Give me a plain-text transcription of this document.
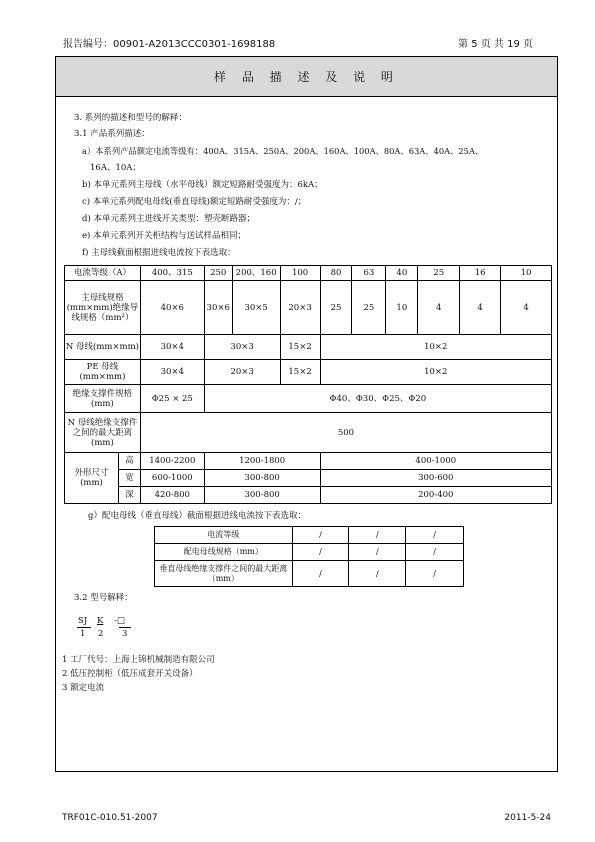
报告编号：00901-A2013CCC0301-1698188	第 5 页 共 19 页
样 品 描 述 及 说 明
3. 系列的描述和型号的解释：
3.1 产品系列描述：
a）本系列产品额定电流等级有：400A、315A、250A、200A、160A、100A、80A、63A、40A、25A、
16A、10A；
b) 本单元系列主母线（水平母线）额定短路耐受强度为：6kA；
c) 本单元系列配电母线(垂直母线)额定短路耐受强度为：/；
d) 本单元系列主进线开关类型：塑壳断路器；
e) 本单元系列开关柜结构与送试样品相同；
f) 主母线截面根据进线电流按下表选取：
电流等级（A）		400、315	250	200、160	100	80	63	40	25	16	10
主母线规格(mm×mm)绝缘导线规格（mm²）		40×6	30×6	30×5	20×3	25	25	10	4	4	4
N 母线(mm×mm)		30×4	30×3		15×2	10×2					
PE 母线(mm×mm)		30×4	20×3		15×2	10×2					
绝缘支撑件规格(mm)		Φ25 × 25	Φ40、Φ30、Φ25、Φ20								
N 母线绝缘支撑件之间的最大距离(mm)		500									
外形尺寸(mm)	高	1400-2200	1200-1800			400-1000					
	宽	600-1000	300-800			300-600					
	深	420-800	300-800			200-400					
g）配电母线（垂直母线）截面根据进线电流按下表选取：
电流等级	/	/	/
配电母线规格（mm）	/	/	/
垂直母线绝缘支撑件之间的最大距离（mm）	/	/	/
3.2 型号解释：
SJ K -□
1 2 3
1 工厂代号：上海上锦机械制造有限公司
2 低压控制柜（低压成套开关设备）
3 额定电流
TRF01C-010.51-2007	2011-5-24
